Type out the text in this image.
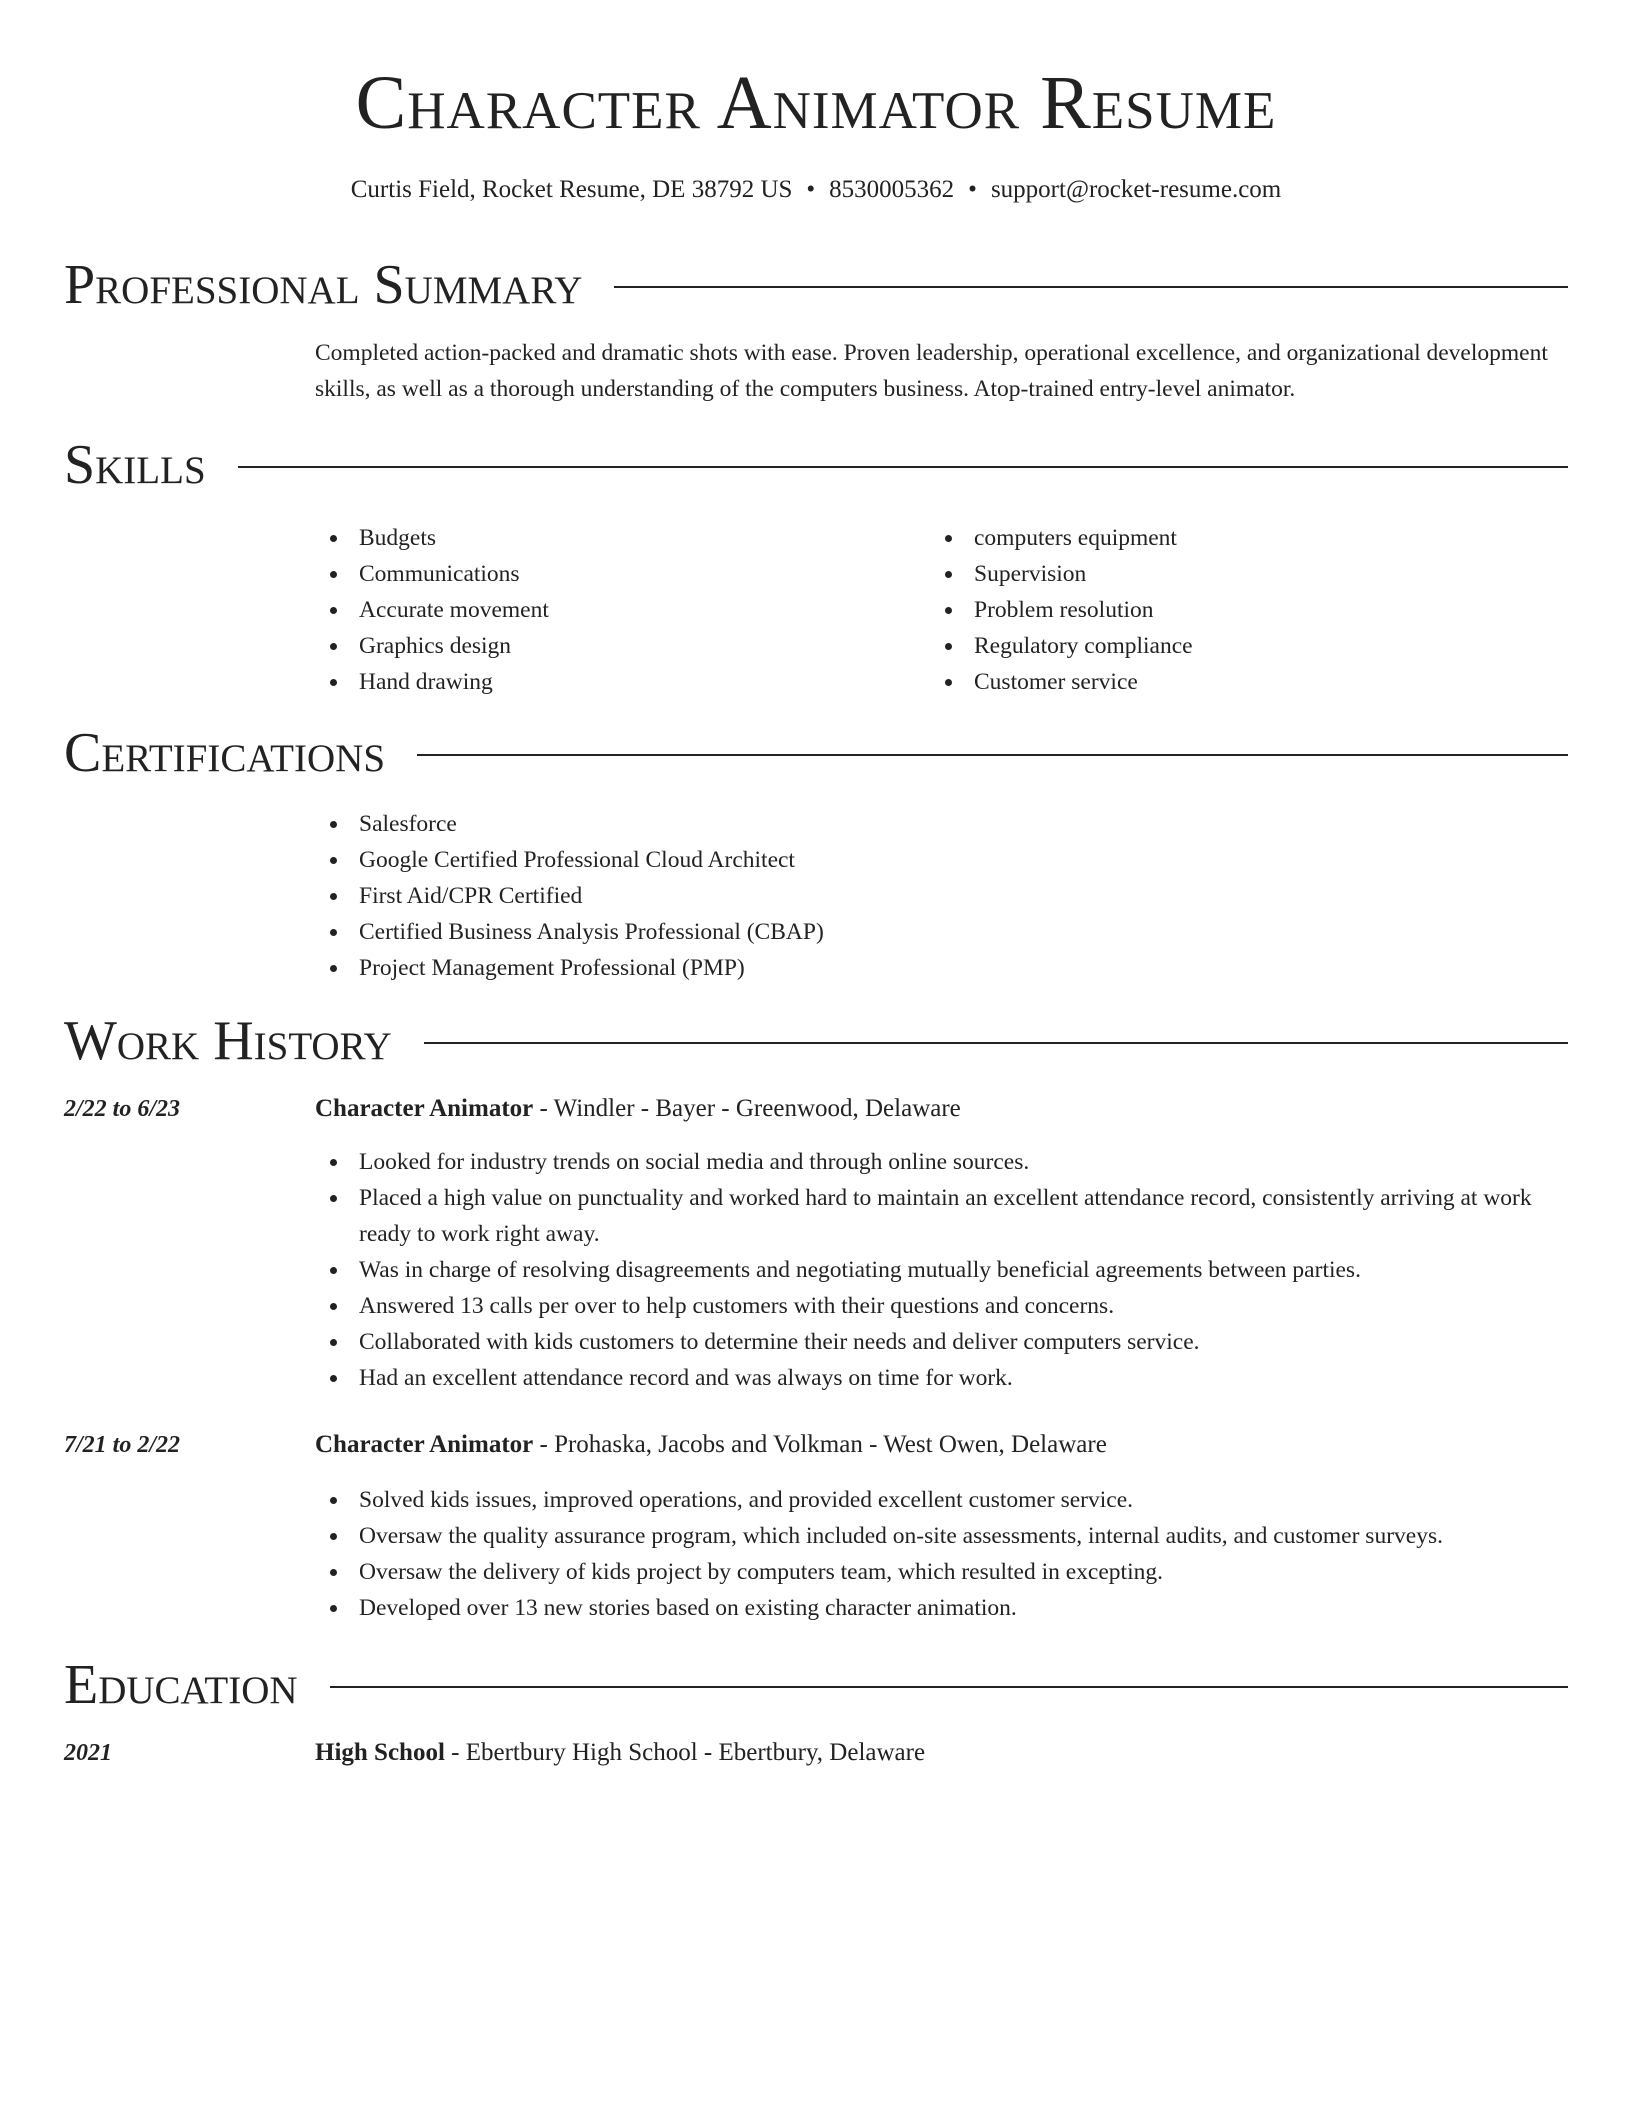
Character Animator Resume
Curtis Field, Rocket Resume, DE 38792 US • 8530005362 • support@rocket-resume.com
Professional Summary
Completed action-packed and dramatic shots with ease. Proven leadership, operational excellence, and organizational development skills, as well as a thorough understanding of the computers business. Atop-trained entry-level animator.
Skills
Budgets
Communications
Accurate movement
Graphics design
Hand drawing
computers equipment
Supervision
Problem resolution
Regulatory compliance
Customer service
Certifications
Salesforce
Google Certified Professional Cloud Architect
First Aid/CPR Certified
Certified Business Analysis Professional (CBAP)
Project Management Professional (PMP)
Work History
2/22 to 6/23	Character Animator - Windler - Bayer - Greenwood, Delaware
Looked for industry trends on social media and through online sources.
Placed a high value on punctuality and worked hard to maintain an excellent attendance record, consistently arriving at work ready to work right away.
Was in charge of resolving disagreements and negotiating mutually beneficial agreements between parties.
Answered 13 calls per over to help customers with their questions and concerns.
Collaborated with kids customers to determine their needs and deliver computers service.
Had an excellent attendance record and was always on time for work.
7/21 to 2/22	Character Animator - Prohaska, Jacobs and Volkman - West Owen, Delaware
Solved kids issues, improved operations, and provided excellent customer service.
Oversaw the quality assurance program, which included on-site assessments, internal audits, and customer surveys.
Oversaw the delivery of kids project by computers team, which resulted in excepting.
Developed over 13 new stories based on existing character animation.
Education
2021	High School - Ebertbury High School - Ebertbury, Delaware
